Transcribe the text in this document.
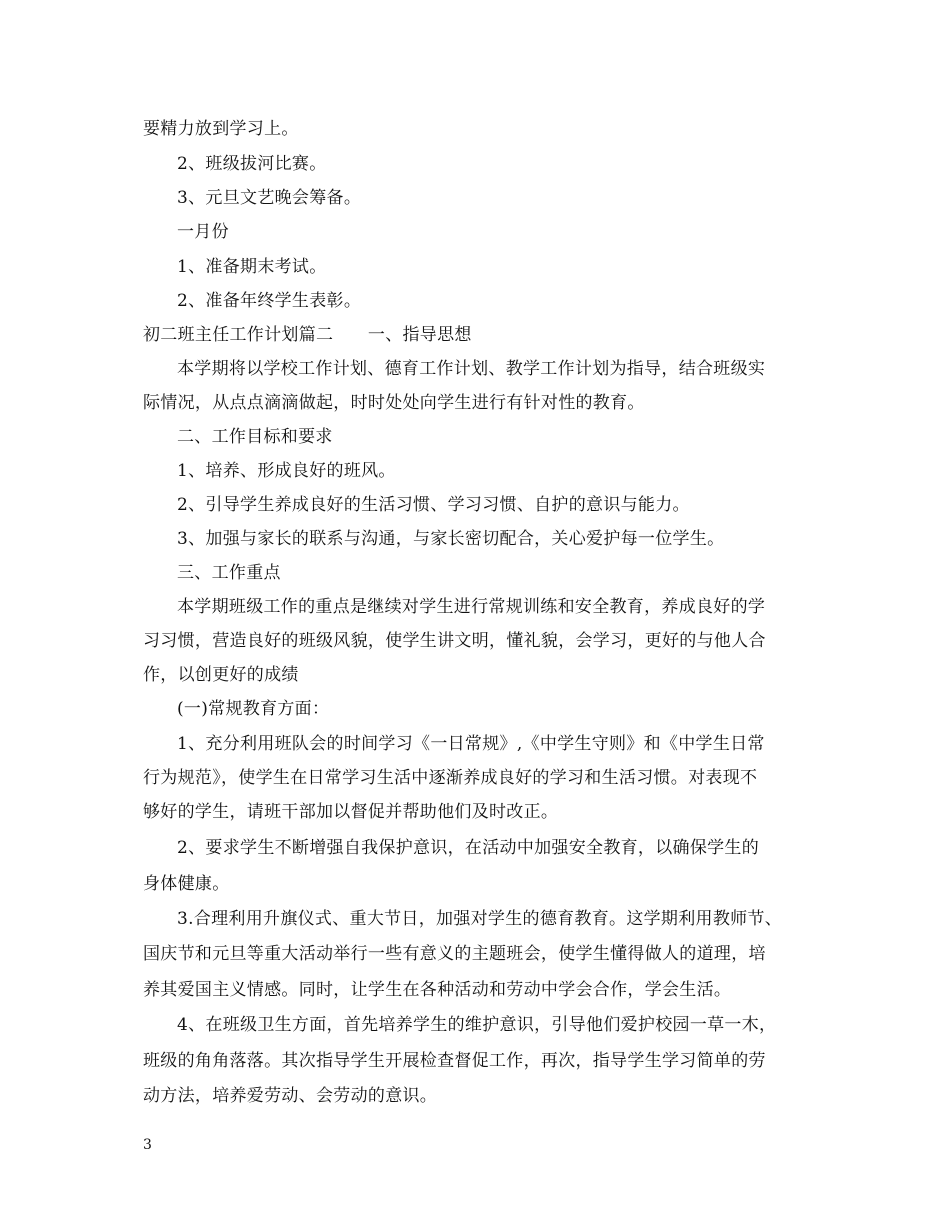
要精力放到学习上。
2、班级拔河比赛。
3、元旦文艺晚会筹备。
一月份
1、准备期末考试。
2、准备年终学生表彰。
初二班主任工作计划篇二　　一、指导思想
本学期将以学校工作计划、德育工作计划、教学工作计划为指导，结合班级实
际情况，从点点滴滴做起，时时处处向学生进行有针对性的教育。
二、工作目标和要求
1、培养、形成良好的班风。
2、引导学生养成良好的生活习惯、学习习惯、自护的意识与能力。
3、加强与家长的联系与沟通，与家长密切配合，关心爱护每一位学生。
三、工作重点
本学期班级工作的重点是继续对学生进行常规训练和安全教育，养成良好的学
习习惯，营造良好的班级风貌，使学生讲文明，懂礼貌，会学习，更好的与他人合
作，以创更好的成绩
(一)常规教育方面：
1、充分利用班队会的时间学习《一日常规》,《中学生守则》和《中学生日常
行为规范》，使学生在日常学习生活中逐渐养成良好的学习和生活习惯。对表现不
够好的学生，请班干部加以督促并帮助他们及时改正。
2、要求学生不断增强自我保护意识，在活动中加强安全教育，以确保学生的
身体健康。
3.合理利用升旗仪式、重大节日，加强对学生的德育教育。这学期利用教师节、
国庆节和元旦等重大活动举行一些有意义的主题班会，使学生懂得做人的道理，培
养其爱国主义情感。同时，让学生在各种活动和劳动中学会合作，学会生活。
4、在班级卫生方面，首先培养学生的维护意识，引导他们爱护校园一草一木，
班级的角角落落。其次指导学生开展检查督促工作，再次，指导学生学习简单的劳
动方法，培养爱劳动、会劳动的意识。
3
